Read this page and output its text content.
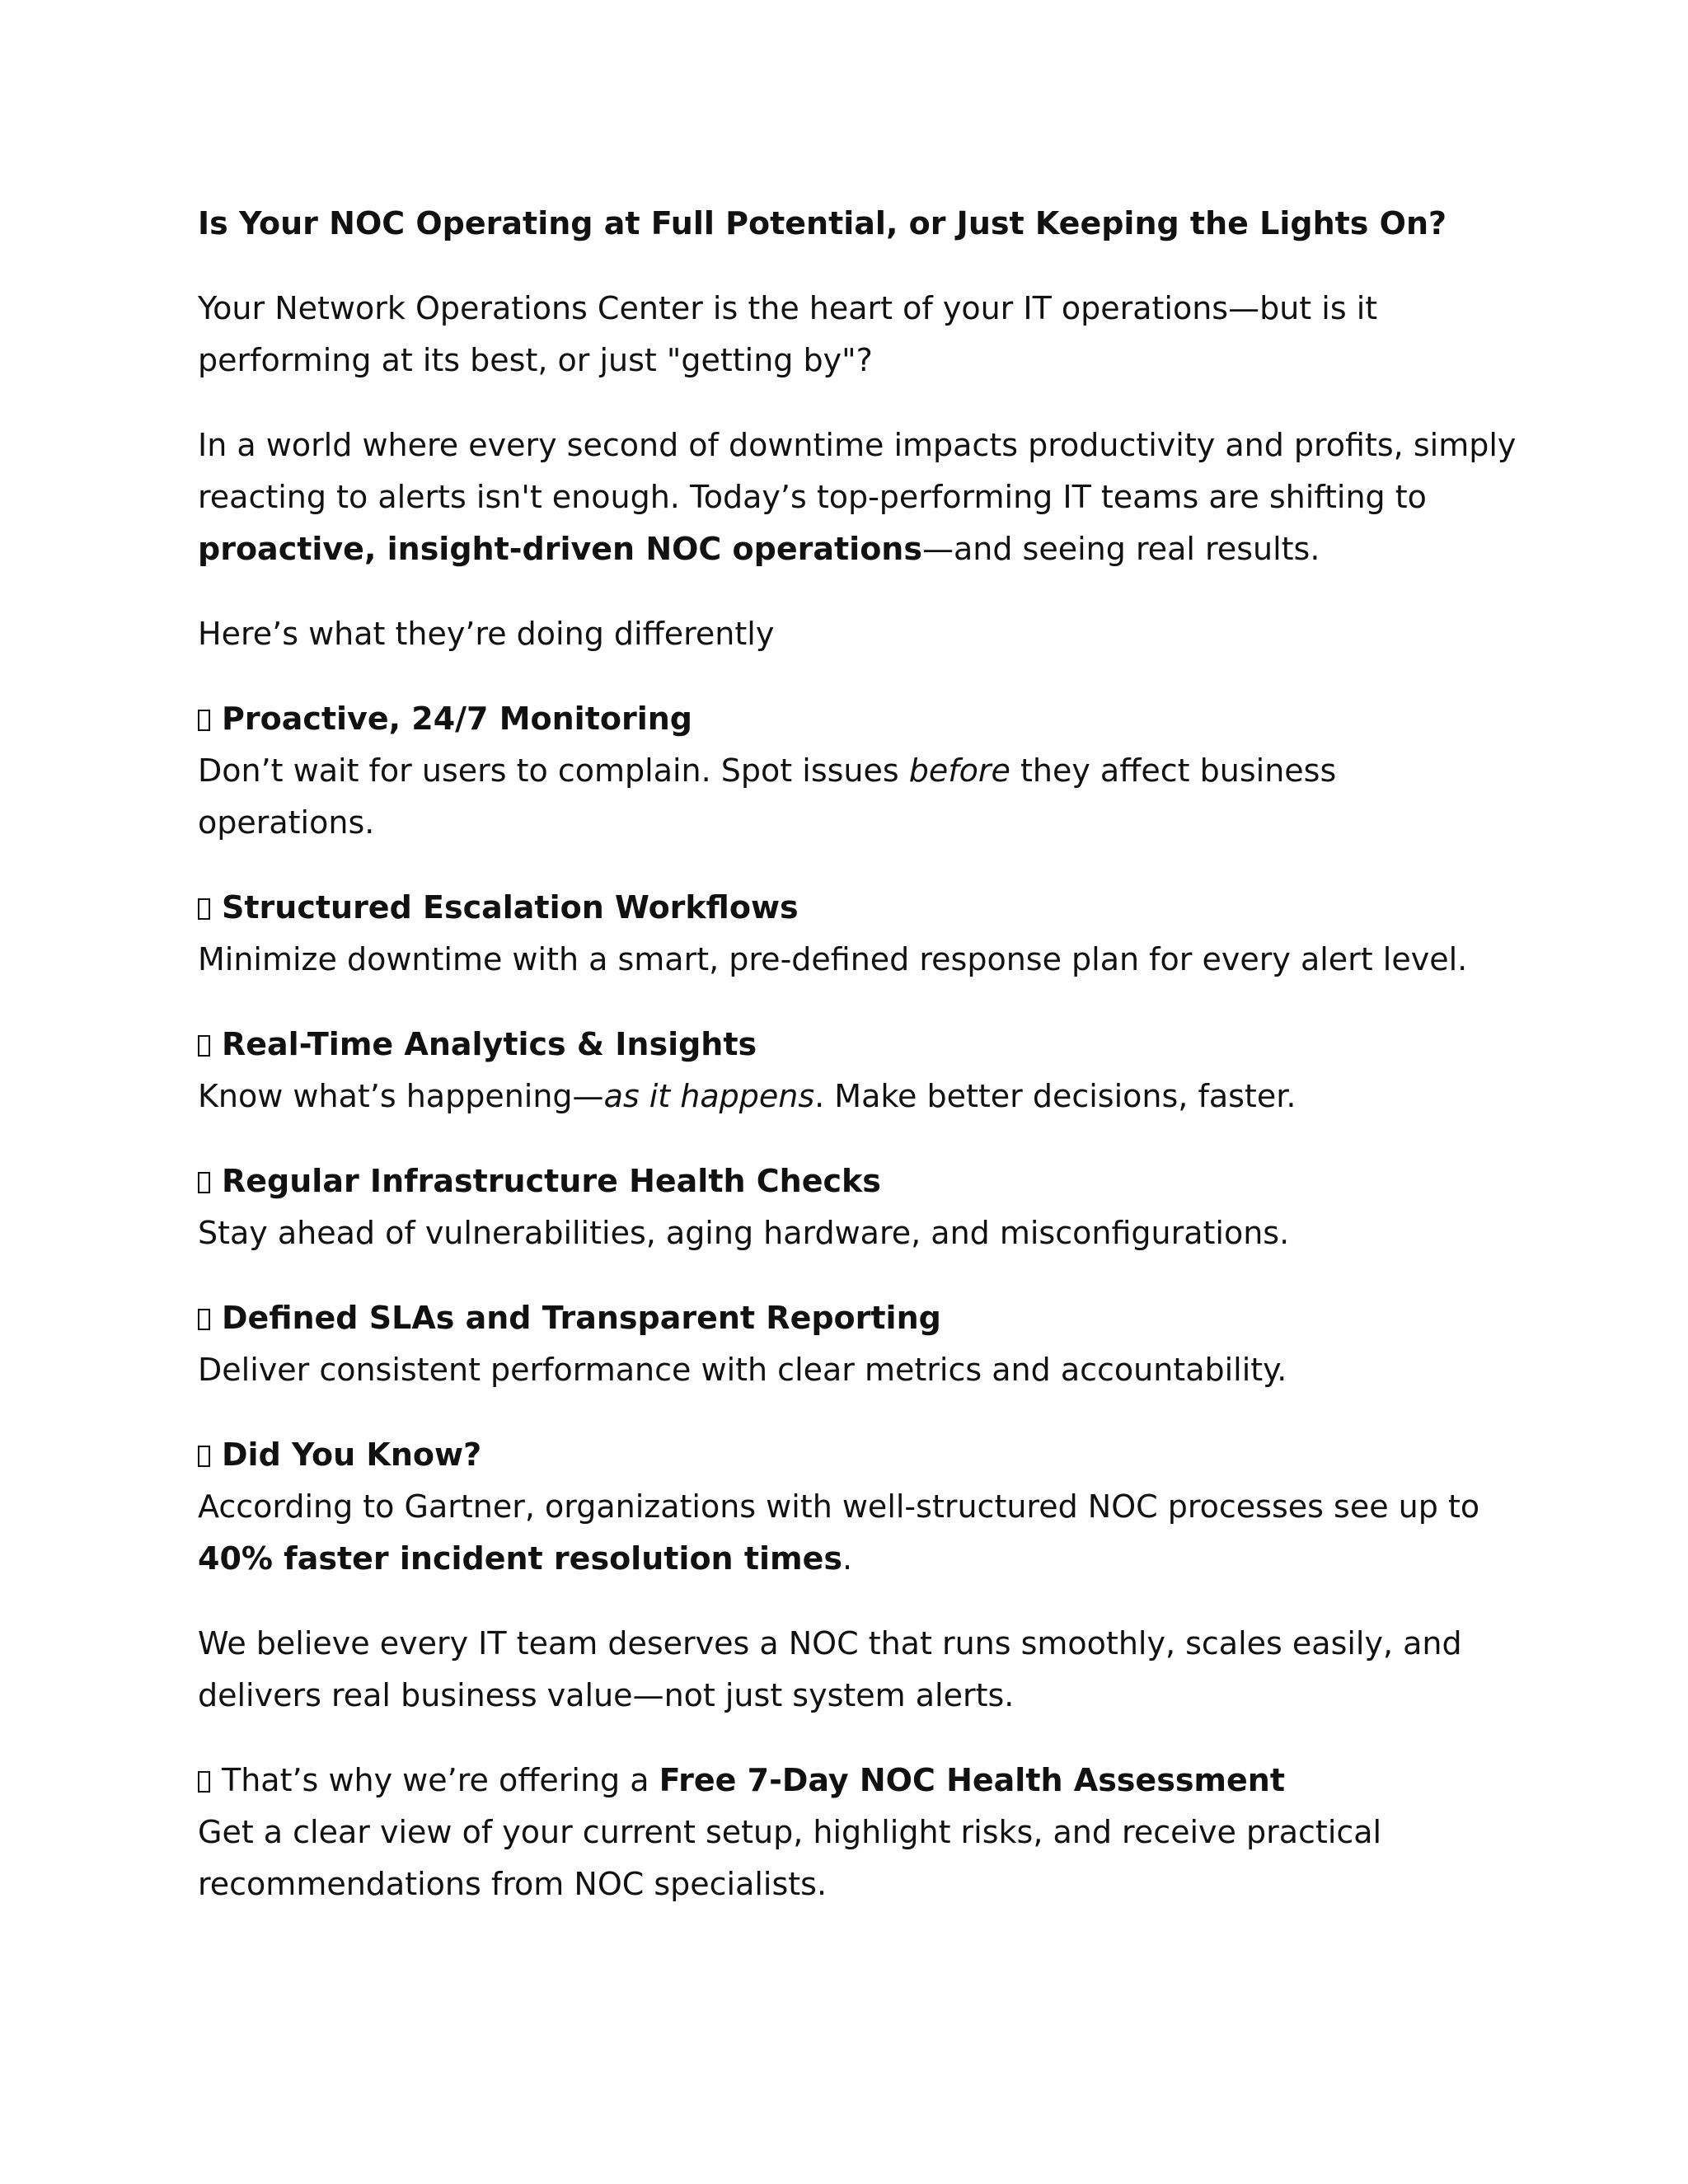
Is Your NOC Operating at Full Potential, or Just Keeping the Lights On?
Your Network Operations Center is the heart of your IT operations—but is it performing at its best, or just "getting by"?
In a world where every second of downtime impacts productivity and profits, simply reacting to alerts isn't enough. Today’s top-performing IT teams are shifting to proactive, insight-driven NOC operations—and seeing real results.
Here’s what they’re doing differently
Proactive, 24/7 Monitoring
Don’t wait for users to complain. Spot issues before they affect business operations.
Structured Escalation Workflows
Minimize downtime with a smart, pre-defined response plan for every alert level.
Real-Time Analytics & Insights
Know what’s happening—as it happens. Make better decisions, faster.
Regular Infrastructure Health Checks
Stay ahead of vulnerabilities, aging hardware, and misconfigurations.
Defined SLAs and Transparent Reporting
Deliver consistent performance with clear metrics and accountability.
Did You Know?
According to Gartner, organizations with well-structured NOC processes see up to 40% faster incident resolution times.
We believe every IT team deserves a NOC that runs smoothly, scales easily, and delivers real business value—not just system alerts.
That’s why we’re offering a Free 7-Day NOC Health Assessment
Get a clear view of your current setup, highlight risks, and receive practical recommendations from NOC specialists.
